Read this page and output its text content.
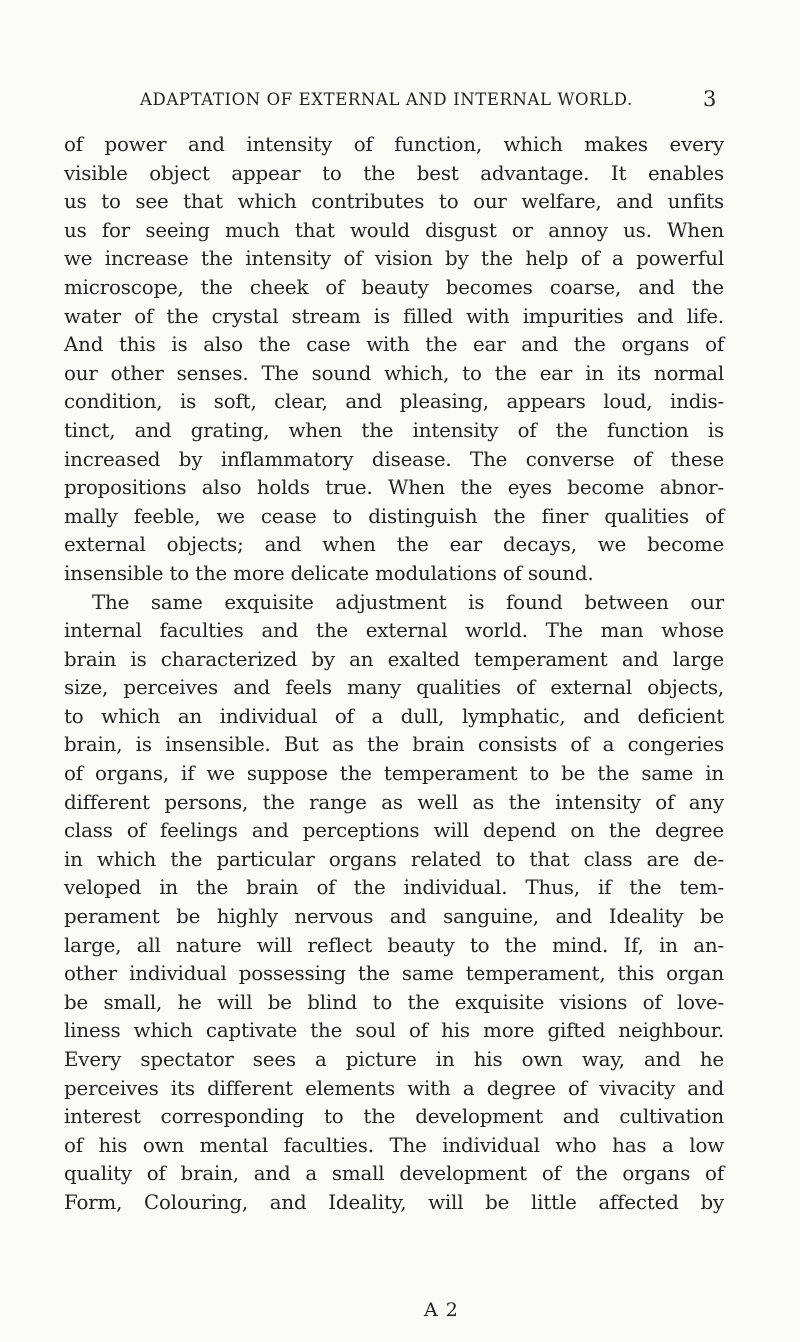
ADAPTATION OF EXTERNAL AND INTERNAL WORLD.	3
of power and intensity of function, which makes every
visible object appear to the best advantage. It enables
us to see that which contributes to our welfare, and unfits
us for seeing much that would disgust or annoy us. When
we increase the intensity of vision by the help of a powerful
microscope, the cheek of beauty becomes coarse, and the
water of the crystal stream is filled with impurities and life.
And this is also the case with the ear and the organs of
our other senses. The sound which, to the ear in its normal
condition, is soft, clear, and pleasing, appears loud, indis-
tinct, and grating, when the intensity of the function is
increased by inflammatory disease. The converse of these
propositions also holds true. When the eyes become abnor-
mally feeble, we cease to distinguish the finer qualities of
external objects; and when the ear decays, we become
insensible to the more delicate modulations of sound.
The same exquisite adjustment is found between our
internal faculties and the external world. The man whose
brain is characterized by an exalted temperament and large
size, perceives and feels many qualities of external objects,
to which an individual of a dull, lymphatic, and deficient
brain, is insensible. But as the brain consists of a congeries
of organs, if we suppose the temperament to be the same in
different persons, the range as well as the intensity of any
class of feelings and perceptions will depend on the degree
in which the particular organs related to that class are de-
veloped in the brain of the individual. Thus, if the tem-
perament be highly nervous and sanguine, and Ideality be
large, all nature will reflect beauty to the mind. If, in an-
other individual possessing the same temperament, this organ
be small, he will be blind to the exquisite visions of love-
liness which captivate the soul of his more gifted neighbour.
Every spectator sees a picture in his own way, and he
perceives its different elements with a degree of vivacity and
interest corresponding to the development and cultivation
of his own mental faculties. The individual who has a low
quality of brain, and a small development of the organs of
Form, Colouring, and Ideality, will be little affected by
A 2
